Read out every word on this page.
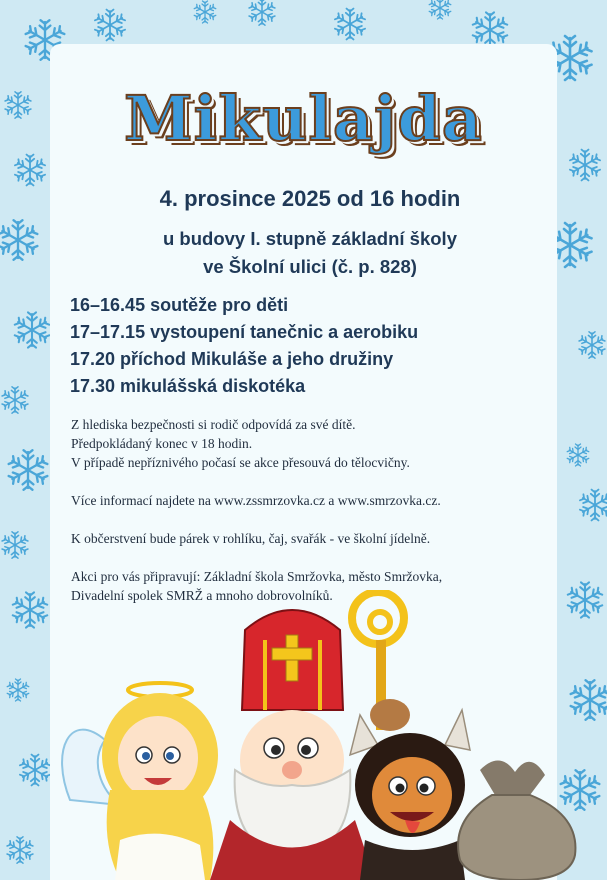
Mikulajda
4. prosince 2025 od 16 hodin
u budovy I. stupně základní školy
ve Školní ulici (č. p. 828)
16–16.45 soutěže pro děti
17–17.15 vystoupení tanečnic a aerobiku
17.20 příchod Mikuláše a jeho družiny
17.30 mikulášská diskotéka

Z hlediska bezpečnosti si rodič odpovídá za své dítě.

Předpokládaný konec v 18 hodin.

V případě nepříznivého počasí se akce přesouvá do tělocvičny.

Více informací najdete na www.zssmrzovka.cz a www.smrzovka.cz.

K občerstvení bude párek v rohlíku, čaj, svařák - ve školní jídelně.

Akci pro vás připravují: Základní škola Smržovka, město Smržovka,

Divadelní spolek SMRŽ a mnoho dobrovolníků.
